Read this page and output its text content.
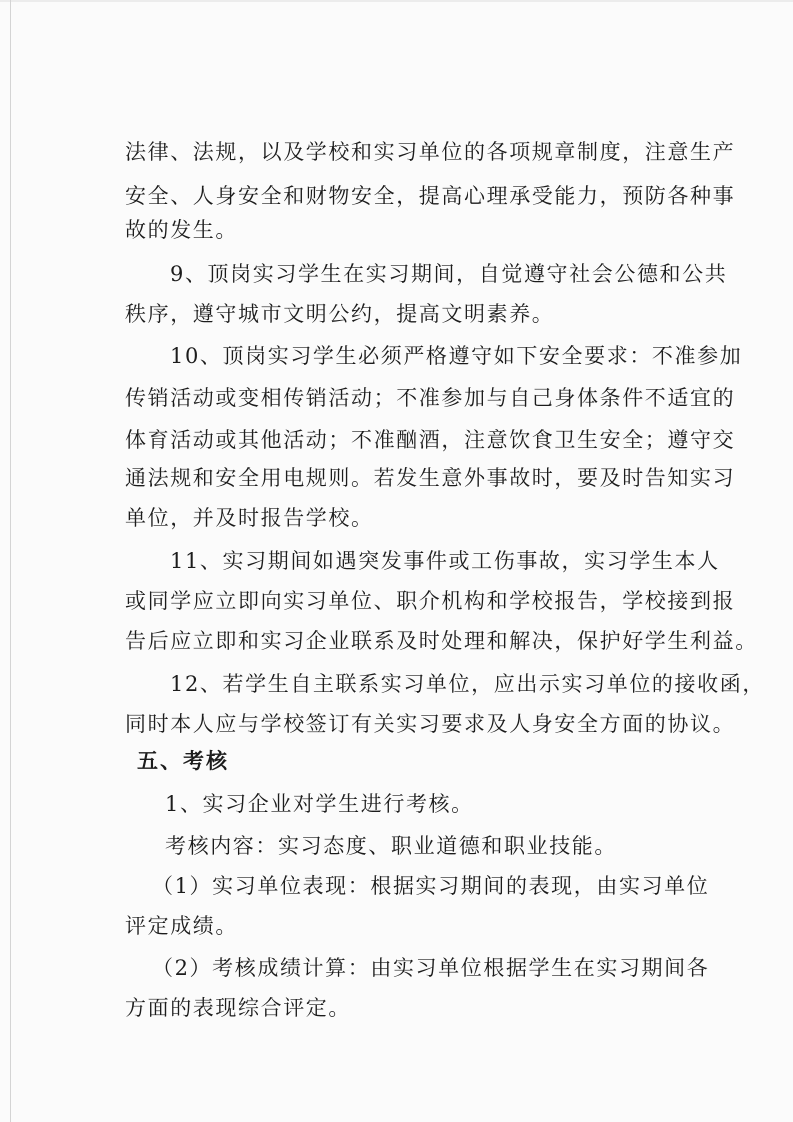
法律、法规，以及学校和实习单位的各项规章制度，注意生产
安全、人身安全和财物安全，提高心理承受能力，预防各种事
故的发生。
9、顶岗实习学生在实习期间，自觉遵守社会公德和公共
秩序，遵守城市文明公约，提高文明素养。
10、顶岗实习学生必须严格遵守如下安全要求：不准参加
传销活动或变相传销活动；不准参加与自己身体条件不适宜的
体育活动或其他活动；不准酗酒，注意饮食卫生安全；遵守交
通法规和安全用电规则。若发生意外事故时，要及时告知实习
单位，并及时报告学校。
11、实习期间如遇突发事件或工伤事故，实习学生本人
或同学应立即向实习单位、职介机构和学校报告，学校接到报
告后应立即和实习企业联系及时处理和解决，保护好学生利益。
12、若学生自主联系实习单位，应出示实习单位的接收函，
同时本人应与学校签订有关实习要求及人身安全方面的协议。
五、考核
1、实习企业对学生进行考核。
考核内容：实习态度、职业道德和职业技能。
（1）实习单位表现：根据实习期间的表现，由实习单位
评定成绩。
（2）考核成绩计算：由实习单位根据学生在实习期间各
方面的表现综合评定。
